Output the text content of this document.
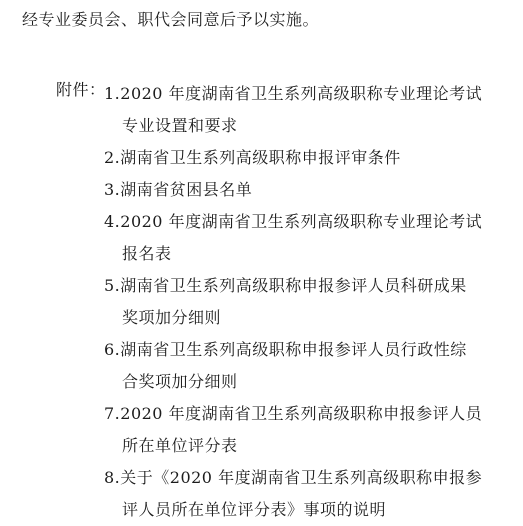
经专业委员会、职代会同意后予以实施。
附件：
1.2020 年度湖南省卫生系列高级职称专业理论考试
专业设置和要求
2.湖南省卫生系列高级职称申报评审条件
3.湖南省贫困县名单
4.2020 年度湖南省卫生系列高级职称专业理论考试
报名表
5.湖南省卫生系列高级职称申报参评人员科研成果
奖项加分细则
6.湖南省卫生系列高级职称申报参评人员行政性综
合奖项加分细则
7.2020 年度湖南省卫生系列高级职称申报参评人员
所在单位评分表
8.关于《2020 年度湖南省卫生系列高级职称申报参
评人员所在单位评分表》事项的说明
